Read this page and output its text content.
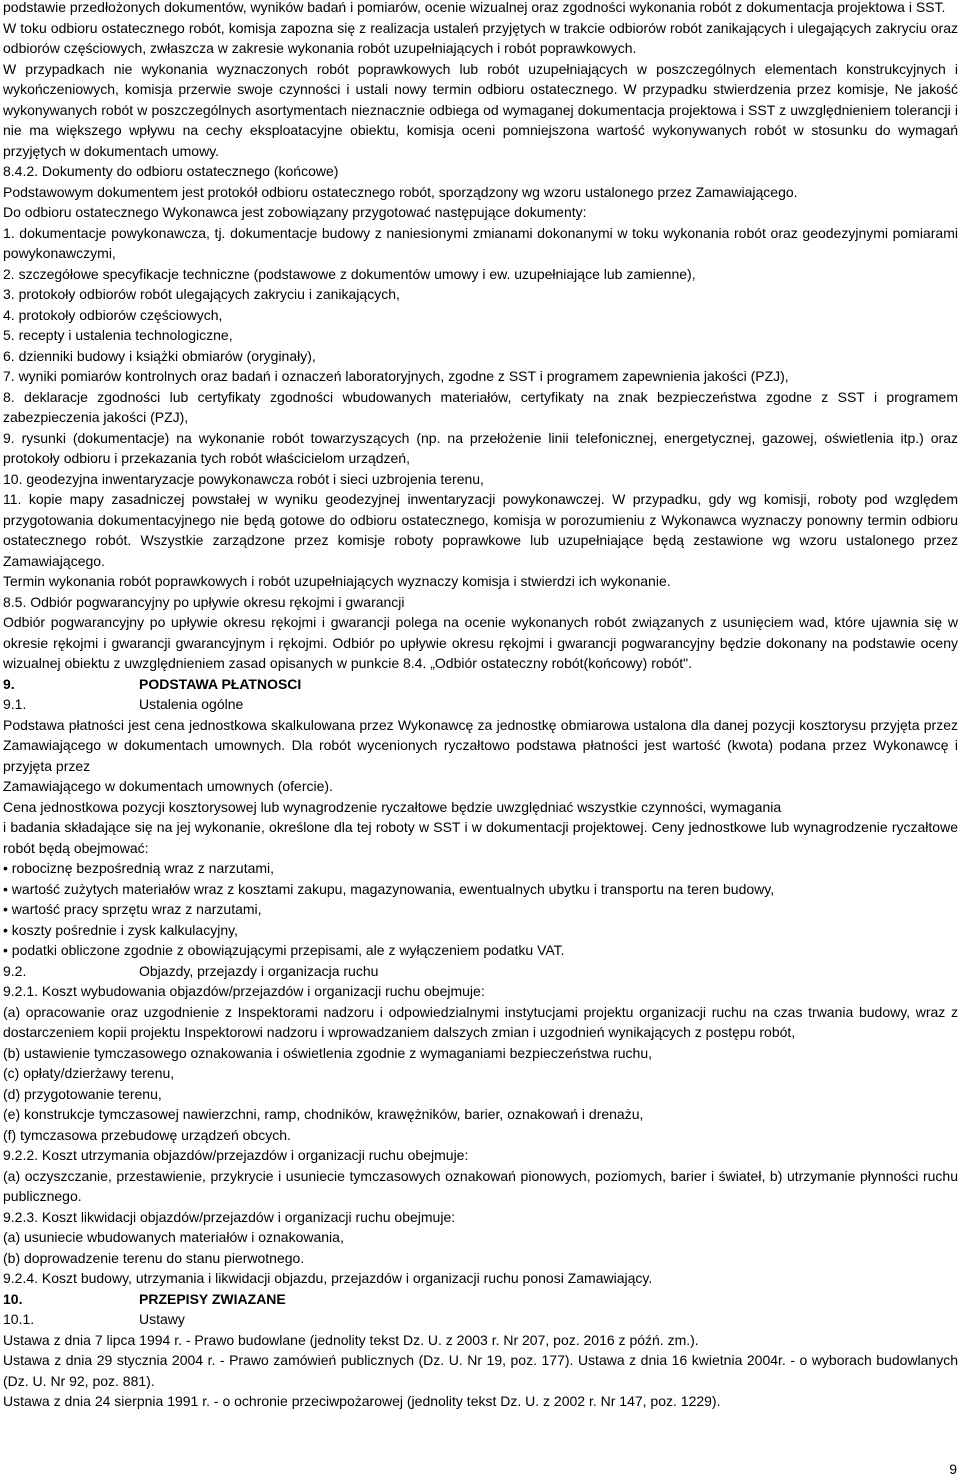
podstawie przedłożonych dokumentów, wyników badań i pomiarów, ocenie wizualnej oraz zgodności wykonania robót z dokumentacja projektowa i SST.

W toku odbioru ostatecznego robót, komisja zapozna się z realizacja ustaleń przyjętych w trakcie odbiorów robót zanikających i ulegających zakryciu oraz odbiorów częściowych, zwłaszcza w zakresie wykonania robót uzupełniających i robót poprawkowych.

W przypadkach nie wykonania wyznaczonych robót poprawkowych lub robót uzupełniających w poszczególnych elementach konstrukcyjnych i wykończeniowych, komisja przerwie swoje czynności i ustali nowy termin odbioru ostatecznego. W przypadku stwierdzenia przez komisje, Ne jakość wykonywanych robót w poszczególnych asortymentach nieznacznie odbiega od wymaganej dokumentacja projektowa i SST z uwzględnieniem tolerancji i nie ma większego wpływu na cechy eksploatacyjne obiektu, komisja oceni pomniejszona wartość wykonywanych robót w stosunku do wymagań przyjętych w dokumentach umowy.

8.4.2. Dokumenty do odbioru ostatecznego (końcowe)

Podstawowym dokumentem jest protokół odbioru ostatecznego robót, sporządzony wg wzoru ustalonego przez Zamawiającego.

Do odbioru ostatecznego Wykonawca jest zobowiązany przygotować następujące dokumenty:

1. dokumentacje powykonawcza, tj. dokumentacje budowy z naniesionymi zmianami dokonanymi w toku wykonania robót oraz geodezyjnymi pomiarami powykonawczymi,

2. szczegółowe specyfikacje techniczne (podstawowe z dokumentów umowy i ew. uzupełniające lub zamienne),

3. protokoły odbiorów robót ulegających zakryciu i zanikających,

4. protokoły odbiorów częściowych,

5. recepty i ustalenia technologiczne,

6. dzienniki budowy i książki obmiarów (oryginały),

7. wyniki pomiarów kontrolnych oraz badań i oznaczeń laboratoryjnych, zgodne z SST i programem zapewnienia jakości (PZJ),

8. deklaracje zgodności lub certyfikaty zgodności wbudowanych materiałów, certyfikaty na znak bezpieczeństwa zgodne z SST i programem zabezpieczenia jakości (PZJ),

9. rysunki (dokumentacje) na wykonanie robót towarzyszących (np. na przełożenie linii telefonicznej, energetycznej, gazowej, oświetlenia itp.) oraz protokoły odbioru i przekazania tych robót właścicielom urządzeń,

10. geodezyjna inwentaryzacje powykonawcza robót i sieci uzbrojenia terenu,

11. kopie mapy zasadniczej powstałej w wyniku geodezyjnej inwentaryzacji powykonawczej. W przypadku, gdy wg komisji, roboty pod względem przygotowania dokumentacyjnego nie będą gotowe do odbioru ostatecznego, komisja w porozumieniu z Wykonawca wyznaczy ponowny termin odbioru ostatecznego robót. Wszystkie zarządzone przez komisje roboty poprawkowe lub uzupełniające będą zestawione wg wzoru ustalonego przez Zamawiającego.

Termin wykonania robót poprawkowych i robót uzupełniających wyznaczy komisja i stwierdzi ich wykonanie.

8.5. Odbiór pogwarancyjny po upływie okresu rękojmi i gwarancji

Odbiór pogwarancyjny po upływie okresu rękojmi i gwarancji polega na ocenie wykonanych robót związanych z usunięciem wad, które ujawnia się w okresie rękojmi i gwarancji gwarancyjnym i rękojmi. Odbiór po upływie okresu rękojmi i gwarancji pogwarancyjny będzie dokonany na podstawie oceny wizualnej obiektu z uwzględnieniem zasad opisanych w punkcie 8.4. „Odbiór ostateczny robót(końcowy) robót".

9.	PODSTAWA PŁATNOSCI

9.1.	Ustalenia ogólne

Podstawa płatności jest cena jednostkowa skalkulowana przez Wykonawcę za jednostkę obmiarowa ustalona dla danej pozycji kosztorysu przyjęta przez Zamawiającego w dokumentach umownych. Dla robót wycenionych ryczałtowo podstawa płatności jest wartość (kwota) podana przez Wykonawcę i przyjęta przez

Zamawiającego w dokumentach umownych (ofercie).

Cena jednostkowa pozycji kosztorysowej lub wynagrodzenie ryczałtowe będzie uwzględniać wszystkie czynności, wymagania

i badania składające się na jej wykonanie, określone dla tej roboty w SST i w dokumentacji projektowej. Ceny jednostkowe lub wynagrodzenie ryczałtowe robót będą obejmować:

• robociznę bezpośrednią wraz z narzutami,

• wartość zużytych materiałów wraz z kosztami zakupu, magazynowania, ewentualnych ubytku i transportu na teren budowy,

• wartość pracy sprzętu wraz z narzutami,

• koszty pośrednie i zysk kalkulacyjny,

• podatki obliczone zgodnie z obowiązującymi przepisami, ale z wyłączeniem podatku VAT.

9.2.	Objazdy, przejazdy i organizacja ruchu

9.2.1. Koszt wybudowania objazdów/przejazdów i organizacji ruchu obejmuje:

(a) opracowanie oraz uzgodnienie z Inspektorami nadzoru i odpowiedzialnymi instytucjami projektu organizacji ruchu na czas trwania budowy, wraz z dostarczeniem kopii projektu Inspektorowi nadzoru i wprowadzaniem dalszych zmian i uzgodnień wynikających z postępu robót,

(b) ustawienie tymczasowego oznakowania i oświetlenia zgodnie z wymaganiami bezpieczeństwa ruchu,

(c) opłaty/dzierżawy terenu,

(d) przygotowanie terenu,

(e) konstrukcje tymczasowej nawierzchni, ramp, chodników, krawężników, barier, oznakowań i drenażu,

(f) tymczasowa przebudowę urządzeń obcych.

9.2.2. Koszt utrzymania objazdów/przejazdów i organizacji ruchu obejmuje:

(a) oczyszczanie, przestawienie, przykrycie i usuniecie tymczasowych oznakowań pionowych, poziomych, barier i świateł, b) utrzymanie płynności ruchu publicznego.

9.2.3. Koszt likwidacji objazdów/przejazdów i organizacji ruchu obejmuje:

(a) usuniecie wbudowanych materiałów i oznakowania,

(b) doprowadzenie terenu do stanu pierwotnego.

9.2.4. Koszt budowy, utrzymania i likwidacji objazdu, przejazdów i organizacji ruchu ponosi Zamawiający.

10.	PRZEPISY ZWIAZANE

10.1.	Ustawy

Ustawa z dnia 7 lipca 1994 r. - Prawo budowlane (jednolity tekst Dz. U. z 2003 r. Nr 207, poz. 2016 z późń. zm.).

Ustawa z dnia 29 stycznia 2004 r. - Prawo zamówień publicznych (Dz. U. Nr 19, poz. 177). Ustawa z dnia 16 kwietnia 2004r. - o wyborach budowlanych (Dz. U. Nr 92, poz. 881).

Ustawa z dnia 24 sierpnia 1991 r. - o ochronie przeciwpożarowej (jednolity tekst Dz. U. z 2002 r. Nr 147, poz. 1229).

9
